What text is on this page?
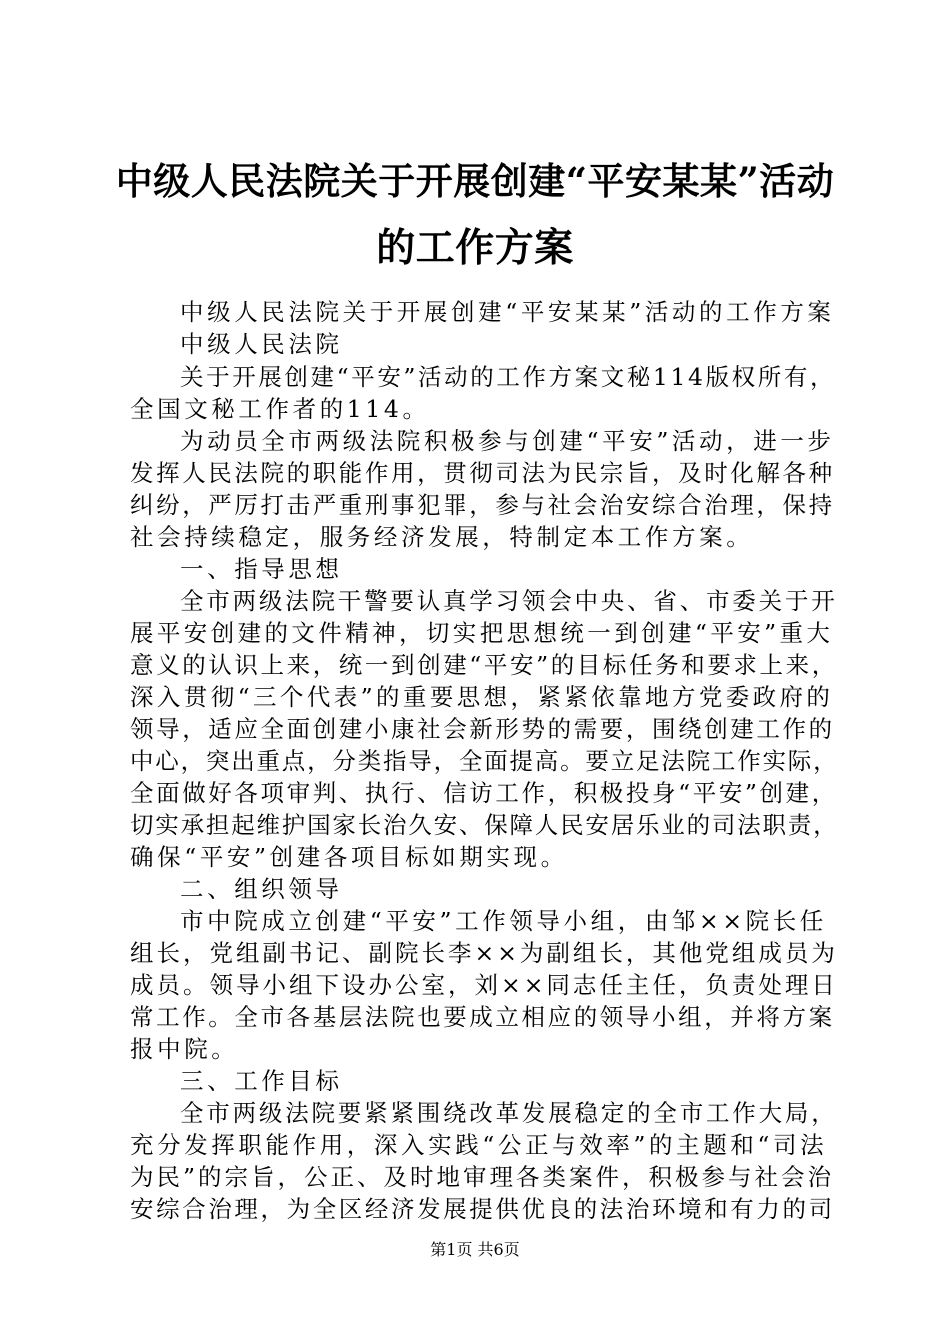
中级人民法院关于开展创建“平安某某”活动
的工作方案
中级人民法院关于开展创建“平安某某”活动的工作方案
中级人民法院
关于开展创建“平安”活动的工作方案文秘114版权所有，
全国文秘工作者的114。
为动员全市两级法院积极参与创建“平安”活动，进一步
发挥人民法院的职能作用，贯彻司法为民宗旨，及时化解各种
纠纷，严厉打击严重刑事犯罪，参与社会治安综合治理，保持
社会持续稳定，服务经济发展，特制定本工作方案。
一、指导思想
全市两级法院干警要认真学习领会中央、省、市委关于开
展平安创建的文件精神，切实把思想统一到创建“平安”重大
意义的认识上来，统一到创建“平安”的目标任务和要求上来，
深入贯彻“三个代表”的重要思想，紧紧依靠地方党委政府的
领导，适应全面创建小康社会新形势的需要，围绕创建工作的
中心，突出重点，分类指导，全面提高。要立足法院工作实际，
全面做好各项审判、执行、信访工作，积极投身“平安”创建，
切实承担起维护国家长治久安、保障人民安居乐业的司法职责，
确保“平安”创建各项目标如期实现。
二、组织领导
市中院成立创建“平安”工作领导小组，由邹××院长任
组长，党组副书记、副院长李××为副组长，其他党组成员为
成员。领导小组下设办公室，刘××同志任主任，负责处理日
常工作。全市各基层法院也要成立相应的领导小组，并将方案
报中院。
三、工作目标
全市两级法院要紧紧围绕改革发展稳定的全市工作大局，
充分发挥职能作用，深入实践“公正与效率”的主题和“司法
为民”的宗旨，公正、及时地审理各类案件，积极参与社会治
安综合治理，为全区经济发展提供优良的法治环境和有力的司
第1页 共6页
